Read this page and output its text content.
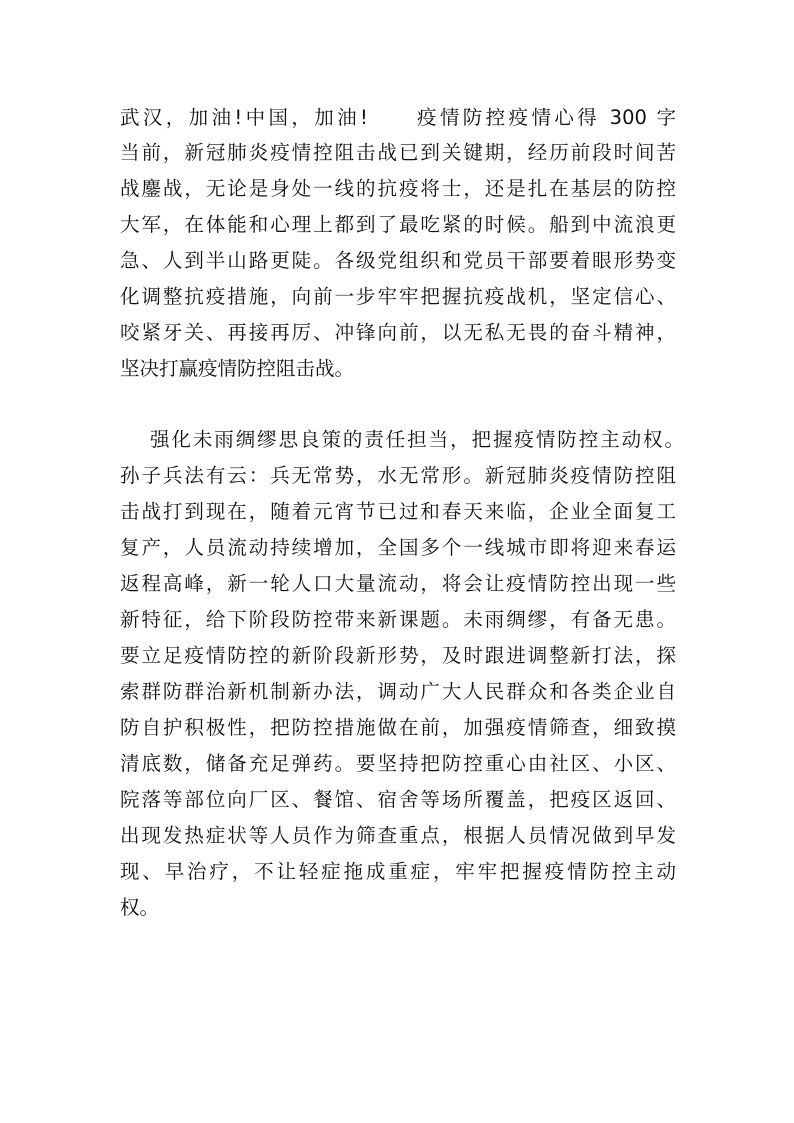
武汉，加油!中国，加油!　　疫情防控疫情心得 300 字
当前，新冠肺炎疫情控阻击战已到关键期，经历前段时间苦
战鏖战，无论是身处一线的抗疫将士，还是扎在基层的防控
大军，在体能和心理上都到了最吃紧的时候。船到中流浪更
急、人到半山路更陡。各级党组织和党员干部要着眼形势变
化调整抗疫措施，向前一步牢牢把握抗疫战机，坚定信心、
咬紧牙关、再接再厉、冲锋向前，以无私无畏的奋斗精神，
坚决打赢疫情防控阻击战。
强化未雨绸缪思良策的责任担当，把握疫情防控主动权。
孙子兵法有云：兵无常势，水无常形。新冠肺炎疫情防控阻
击战打到现在，随着元宵节已过和春天来临，企业全面复工
复产，人员流动持续增加，全国多个一线城市即将迎来春运
返程高峰，新一轮人口大量流动，将会让疫情防控出现一些
新特征，给下阶段防控带来新课题。未雨绸缪，有备无患。
要立足疫情防控的新阶段新形势，及时跟进调整新打法，探
索群防群治新机制新办法，调动广大人民群众和各类企业自
防自护积极性，把防控措施做在前，加强疫情筛查，细致摸
清底数，储备充足弹药。要坚持把防控重心由社区、小区、
院落等部位向厂区、餐馆、宿舍等场所覆盖，把疫区返回、
出现发热症状等人员作为筛查重点，根据人员情况做到早发
现、早治疗，不让轻症拖成重症，牢牢把握疫情防控主动
权。
